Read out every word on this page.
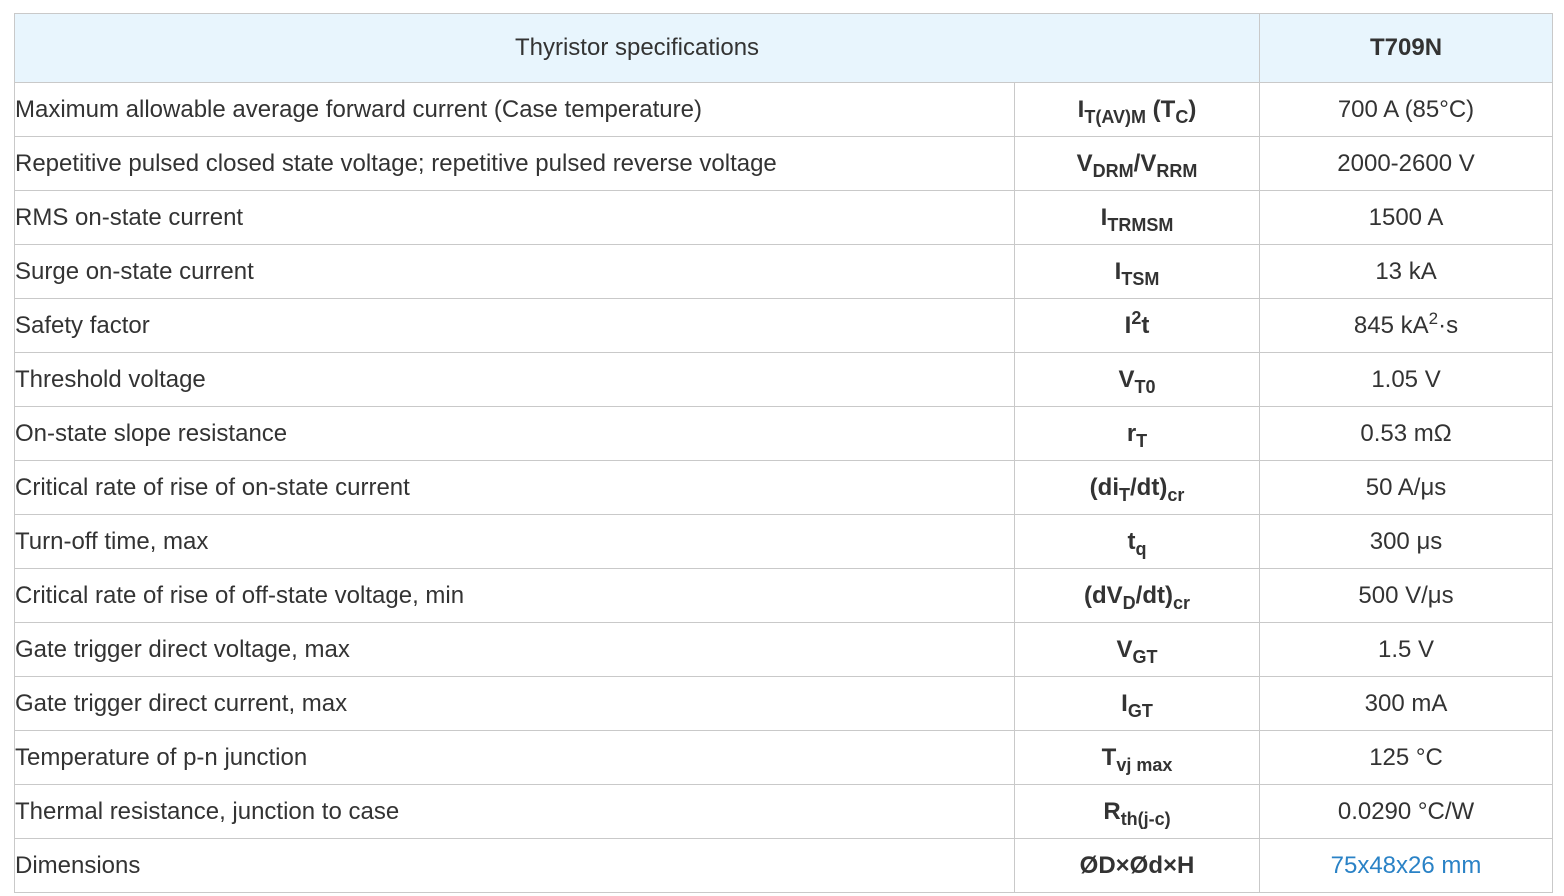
Thyristor specifications		T709N
Maximum allowable average forward current (Case temperature)	$I_{T(AV)M}$ $(T_C)$	700 A (85°C)
Repetitive pulsed closed state voltage; repetitive pulsed reverse voltage	$V_{DRM}/V_{RRM}$	2000-2600 V
RMS on-state current	$I_{TRMSM}$	1500 A
Surge on-state current	$I_{TSM}$	13 kA
Safety factor	$I^2t$	845 $kA^2\cdot s$
Threshold voltage	$V_{T0}$	1.05 V
On-state slope resistance	$r_T$	0.53 mΩ
Critical rate of rise of on-state current	$(di_T/dt)_{cr}$	50 A/μs
Turn-off time, max	$t_q$	300 μs
Critical rate of rise of off-state voltage, min	$(dV_D/dt)_{cr}$	500 V/μs
Gate trigger direct voltage, max	$V_{GT}$	1.5 V
Gate trigger direct current, max	$I_{GT}$	300 mA
Temperature of p-n junction	$T_{vj max}$	125 °C
Thermal resistance, junction to case	$R_{th(j-c)}$	0.0290 °C/W
Dimensions	ØD×Ød×H	75x48x26 mm
